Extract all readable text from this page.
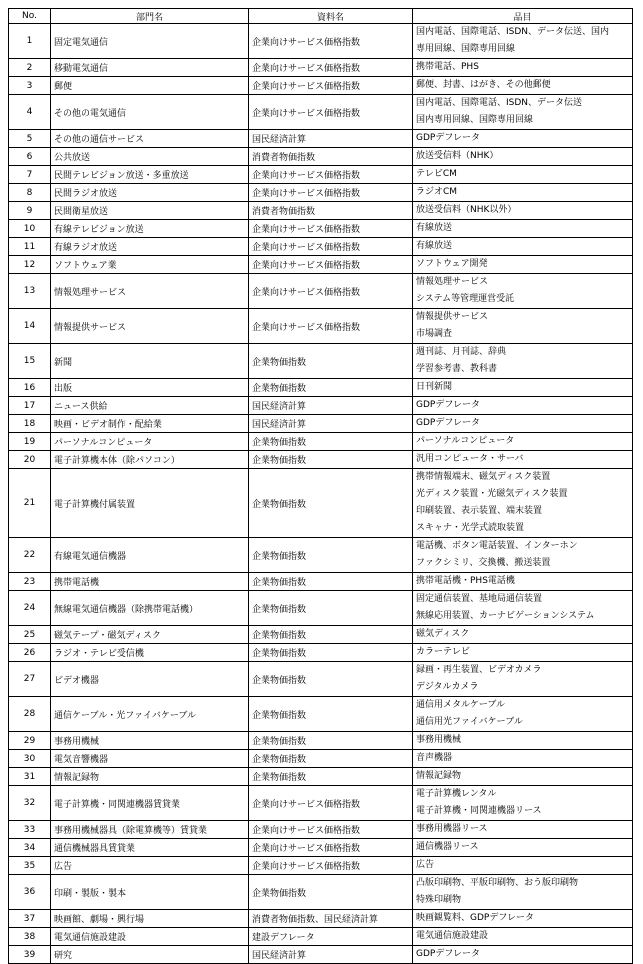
No.	部門名	資料名	品目
1	固定電気通信	企業向けサービス価格指数	国内電話、国際電話、ISDN、データ伝送、国内
専用回線、国際専用回線

2	移動電気通信	企業向けサービス価格指数	携帯電話、PHS

3	郵便	企業向けサービス価格指数	郵便、封書、はがき、その他郵便

4	その他の電気通信	企業向けサービス価格指数	国内電話、国際電話、ISDN、データ伝送
国内専用回線、国際専用回線

5	その他の通信サービス	国民経済計算	GDPデフレータ

6	公共放送	消費者物価指数	放送受信料（NHK）

7	民間テレビジョン放送・多重放送	企業向けサービス価格指数	テレビCM

8	民間ラジオ放送	企業向けサービス価格指数	ラジオCM

9	民間衛星放送	消費者物価指数	放送受信料（NHK以外）

10	有線テレビジョン放送	企業向けサービス価格指数	有線放送

11	有線ラジオ放送	企業向けサービス価格指数	有線放送

12	ソフトウェア業	企業向けサービス価格指数	ソフトウェア開発

13	情報処理サービス	企業向けサービス価格指数	情報処理サービス
システム等管理運営受託

14	情報提供サービス	企業向けサービス価格指数	情報提供サービス
市場調査

15	新聞	企業物価指数	週刊誌、月刊誌、辞典
学習参考書、教科書

16	出版	企業物価指数	日刊新聞

17	ニュース供給	国民経済計算	GDPデフレータ

18	映画・ビデオ制作・配給業	国民経済計算	GDPデフレータ

19	パーソナルコンピュータ	企業物価指数	パーソナルコンピュータ

20	電子計算機本体（除パソコン）	企業物価指数	汎用コンピュータ・サーバ

21	電子計算機付属装置	企業物価指数	携帯情報端末、磁気ディスク装置
光ディスク装置・光磁気ディスク装置
印刷装置、表示装置、端末装置
スキャナ・光学式読取装置

22	有線電気通信機器	企業物価指数	電話機、ボタン電話装置、インターホン
ファクシミリ、交換機、搬送装置

23	携帯電話機	企業物価指数	携帯電話機・PHS電話機

24	無線電気通信機器（除携帯電話機）	企業物価指数	固定通信装置、基地局通信装置
無線応用装置、カーナビゲーションシステム

25	磁気テープ・磁気ディスク	企業物価指数	磁気ディスク

26	ラジオ・テレビ受信機	企業物価指数	カラーテレビ

27	ビデオ機器	企業物価指数	録画・再生装置、ビデオカメラ
デジタルカメラ

28	通信ケーブル・光ファイバケーブル	企業物価指数	通信用メタルケーブル
通信用光ファイバケーブル

29	事務用機械	企業物価指数	事務用機械

30	電気音響機器	企業物価指数	音声機器

31	情報記録物	企業物価指数	情報記録物

32	電子計算機・同関連機器賃貸業	企業向けサービス価格指数	電子計算機レンタル
電子計算機・同関連機器リース

33	事務用機械器具（除電算機等）賃貸業	企業向けサービス価格指数	事務用機器リース

34	通信機械器具賃貸業	企業向けサービス価格指数	通信機器リース

35	広告	企業向けサービス価格指数	広告

36	印刷・製版・製本	企業物価指数	凸版印刷物、平版印刷物、おう版印刷物
特殊印刷物

37	映画館、劇場・興行場	消費者物価指数、国民経済計算	映画観覧料、GDPデフレータ

38	電気通信施設建設	建設デフレータ	電気通信施設建設

39	研究	国民経済計算	GDPデフレータ
